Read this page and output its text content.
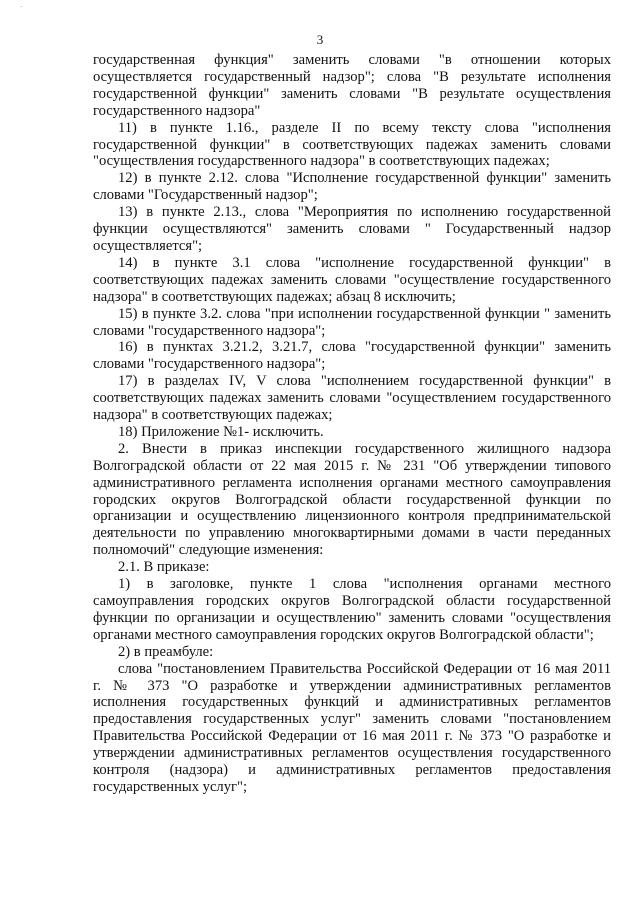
·
3

государственная функция" заменить словами "в отношении которых осуществляется государственный надзор"; слова "В результате исполнения государственной функции" заменить словами "В результате осуществления государственного надзора"

11) в пункте 1.16., разделе II по всему тексту слова "исполнения государственной функции" в соответствующих падежах заменить словами "осуществления государственного надзора" в соответствующих падежах;

12) в пункте 2.12. слова "Исполнение государственной функции" заменить словами "Государственный надзор";

13) в пункте 2.13., слова "Мероприятия по исполнению государственной функции осуществляются" заменить словами " Государственный надзор осуществляется";

14) в пункте 3.1 слова "исполнение государственной функции" в соответствующих падежах заменить словами "осуществление государственного надзора" в соответствующих падежах; абзац 8 исключить;

15) в пункте 3.2. слова "при исполнении государственной функции " заменить словами "государственного надзора";

16) в пунктах 3.21.2, 3.21.7, слова "государственной функции" заменить словами "государственного надзора";

17) в разделах IV, V слова "исполнением государственной функции" в соответствующих падежах заменить словами "осуществлением государственного надзора" в соответствующих падежах;

18) Приложение №1- исключить.

2. Внести в приказ инспекции государственного жилищного надзора Волгоградской области от 22 мая 2015 г. № 231 "Об утверждении типового административного регламента исполнения органами местного самоуправления городских округов Волгоградской области государственной функции по организации и осуществлению лицензионного контроля предпринимательской деятельности по управлению многоквартирными домами в части переданных полномочий" следующие изменения:

2.1. В приказе:

1) в заголовке, пункте 1 слова "исполнения органами местного самоуправления городских округов Волгоградской области государственной функции по организации и осуществлению" заменить словами "осуществления органами местного самоуправления городских округов Волгоградской области";

2) в преамбуле:

слова "постановлением Правительства Российской Федерации от 16 мая 2011 г. № 373 "О разработке и утверждении административных регламентов исполнения государственных функций и административных регламентов предоставления государственных услуг" заменить словами "постановлением Правительства Российской Федерации от 16 мая 2011 г. № 373 "О разработке и утверждении административных регламентов осуществления государственного контроля (надзора) и административных регламентов предоставления государственных услуг";
